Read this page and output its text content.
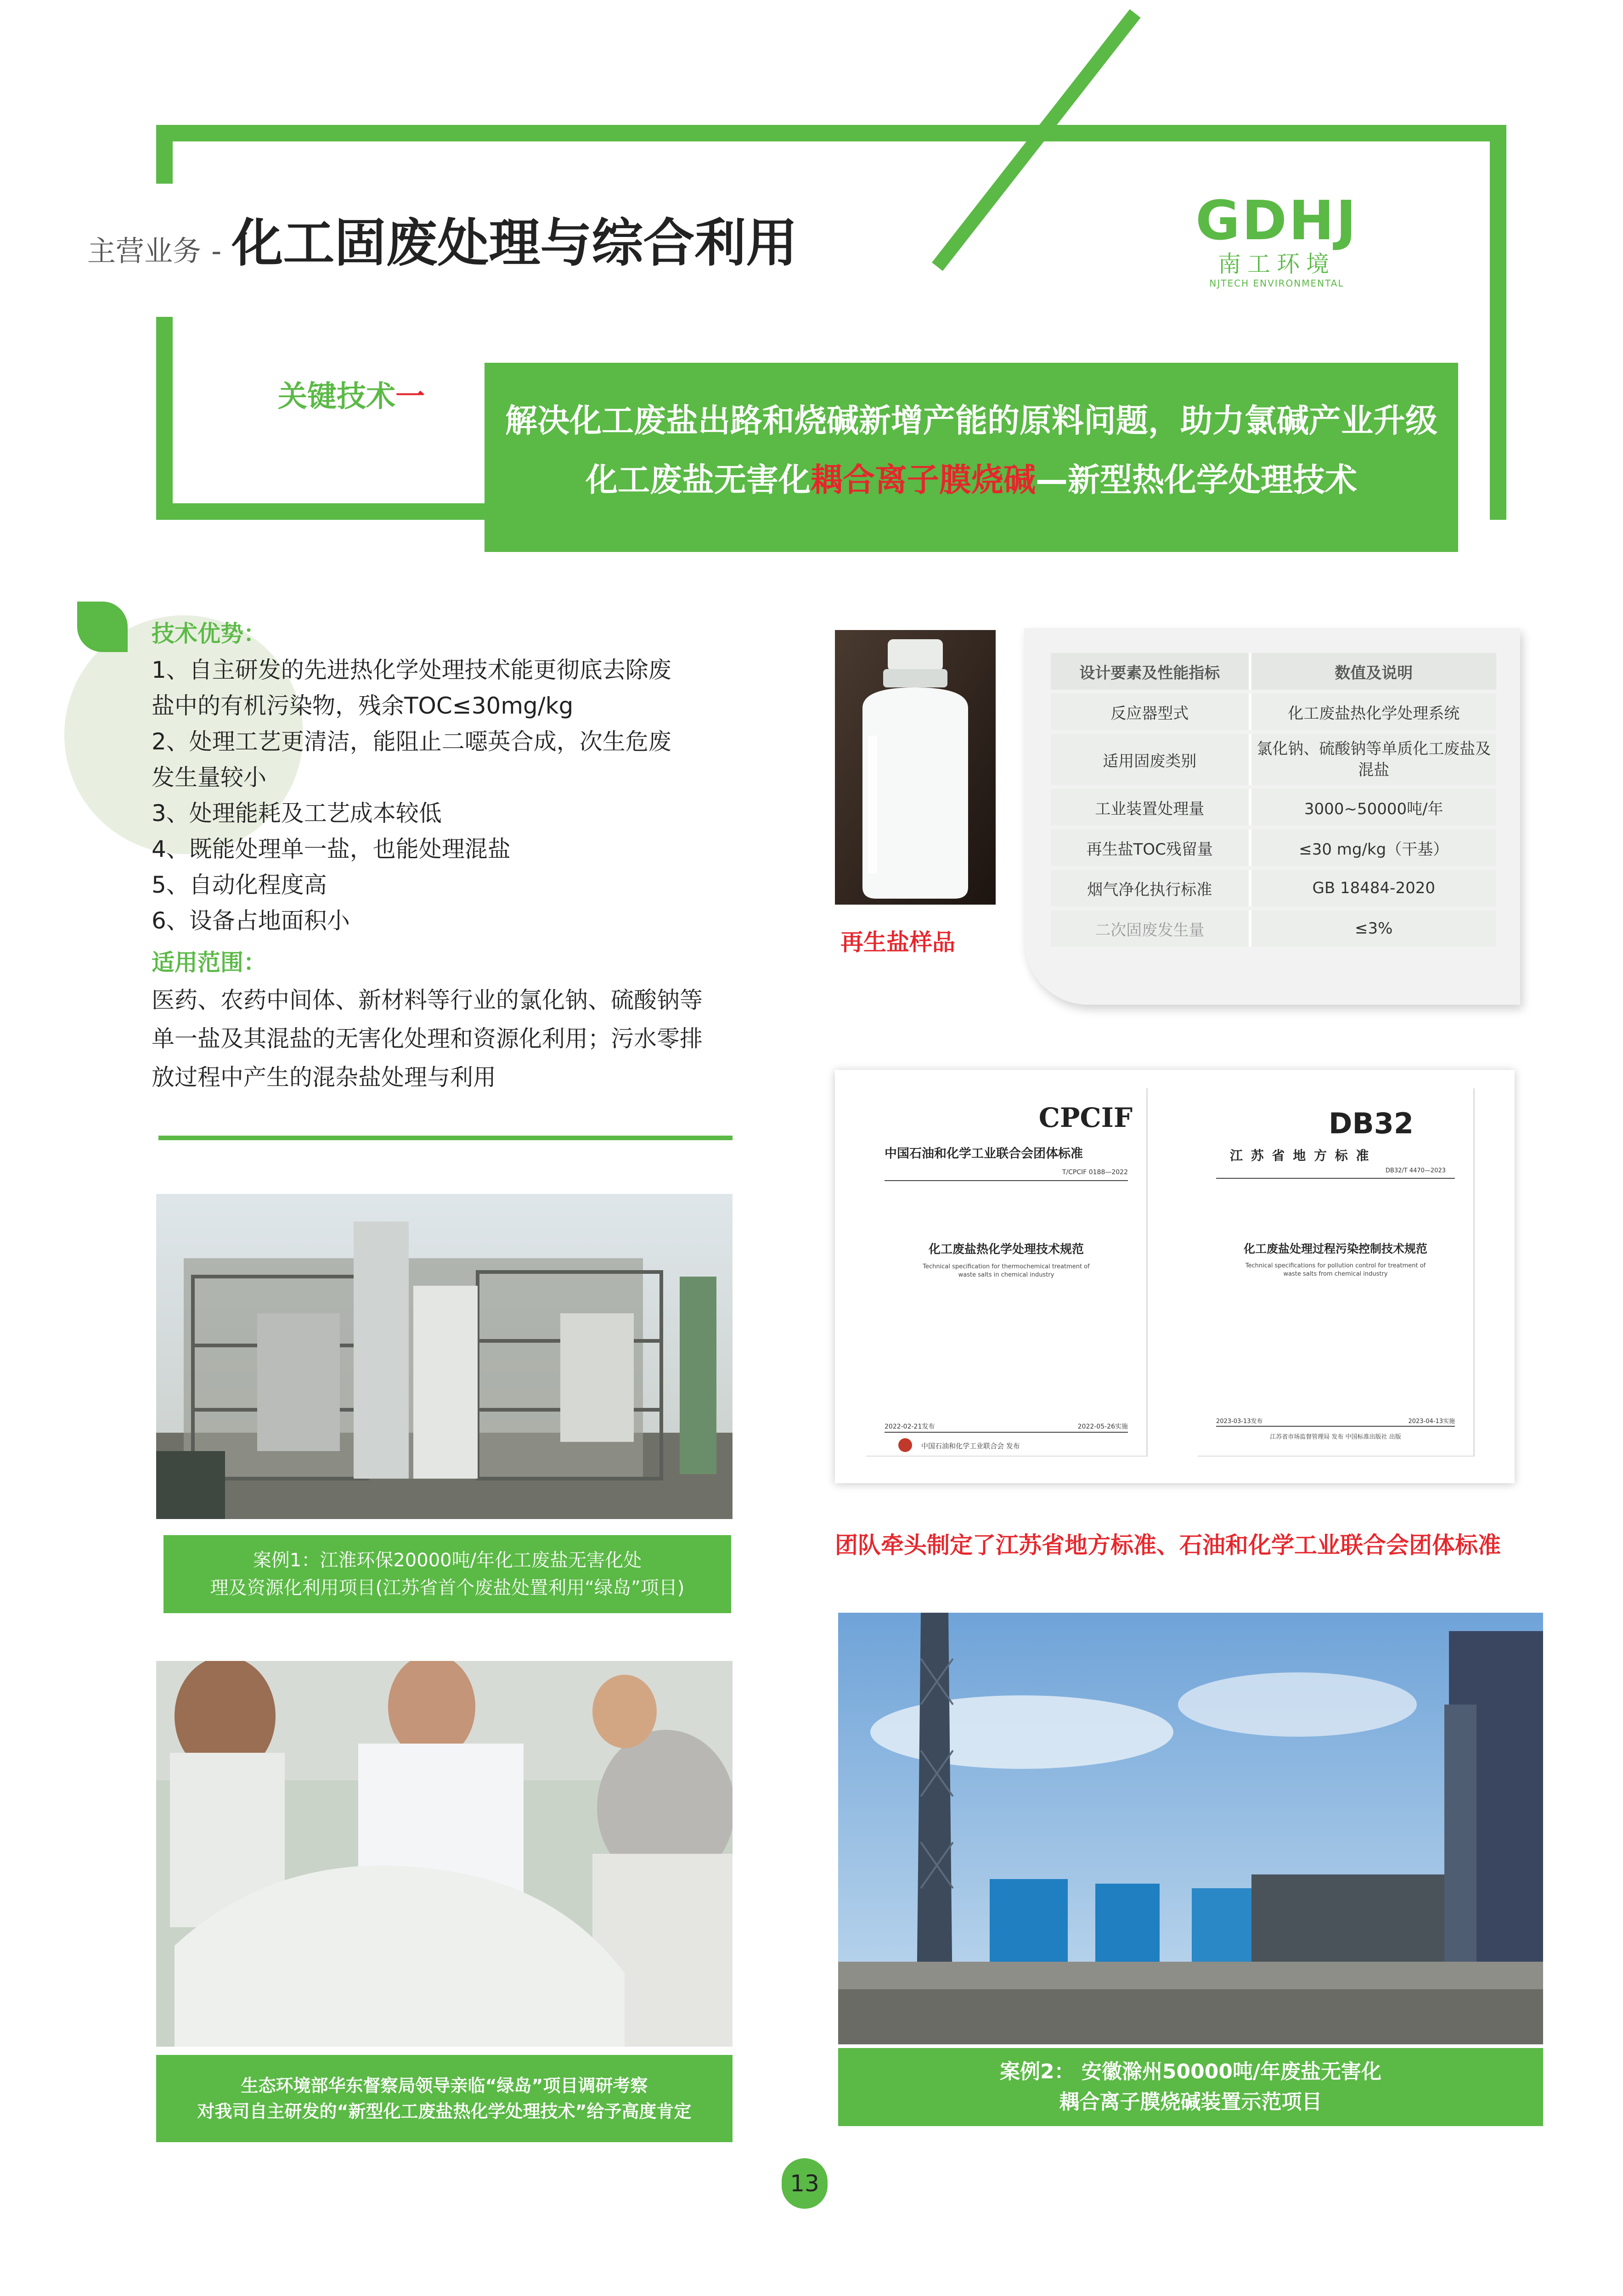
主营业务 - 化工固废处理与综合利用	GDHJ
南工环境
NJTECH ENVIRONMENTAL
关键技术一
解决化工废盐出路和烧碱新增产能的原料问题，助力氯碱产业升级
化工废盐无害化耦合离子膜烧碱—新型热化学处理技术
技术优势：
1、自主研发的先进热化学处理技术能更彻底去除废
盐中的有机污染物，残余TOC≤30mg/kg
2、处理工艺更清洁，能阻止二噁英合成，次生危废
发生量较小
3、处理能耗及工艺成本较低
4、既能处理单一盐，也能处理混盐
5、自动化程度高
6、设备占地面积小
适用范围：
医药、农药中间体、新材料等行业的氯化钠、硫酸钠等
单一盐及其混盐的无害化处理和资源化利用；污水零排
放过程中产生的混杂盐处理与利用
再生盐样品
设计要素及性能指标	数值及说明
反应器型式	化工废盐热化学处理系统
适用固废类别	氯化钠、硫酸钠等单质化工废盐及混盐
工业装置处理量	3000~50000吨/年
再生盐TOC残留量	≤30 mg/kg（干基）
烟气净化执行标准	GB 18484-2020
二次固废发生量	≤3%
CPCIF
中国石油和化学工业联合会团体标准
T/CPCIF 0188—2022
化工废盐热化学处理技术规范
Technical specification for thermochemical treatment of waste salts in chemical industry
2022-02-21发布	2022-05-26实施
中国石油和化学工业联合会 发布
DB32
江 苏 省 地 方 标 准
DB32/T 4470—2023
化工废盐处理过程污染控制技术规范
Technical specifications for pollution control for treatment of waste salts from chemical industry
2023-03-13发布	2023-04-13实施
江苏省市场监督管理局 发布 中国标准出版社 出版
团队牵头制定了江苏省地方标准、石油和化学工业联合会团体标准
案例1：江淮环保20000吨/年化工废盐无害化处
理及资源化利用项目(江苏省首个废盐处置利用“绿岛”项目)
生态环境部华东督察局领导亲临“绿岛”项目调研考察
对我司自主研发的“新型化工废盐热化学处理技术”给予高度肯定
案例2： 安徽滁州50000吨/年废盐无害化
耦合离子膜烧碱装置示范项目
13
